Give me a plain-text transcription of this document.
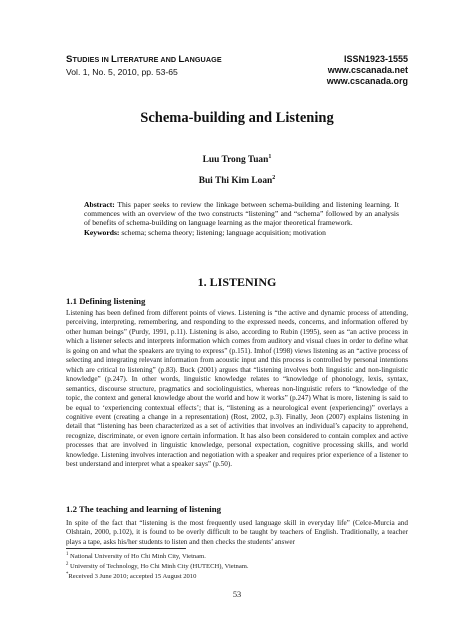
STUDIES IN LITERATURE AND LANGUAGE
Vol. 1, No. 5, 2010, pp. 53-65
ISSN1923-1555
www.cscanada.net
www.cscanada.org
Schema-building and Listening
Luu Trong Tuan$^1$
Bui Thi Kim Loan$^2$
Abstract: This paper seeks to review the linkage between schema-building and listening learning. It commences with an overview of the two constructs “listening” and “schema” followed by an analysis of benefits of schema-building on language learning as the major theoretical framework.
Keywords: schema; schema theory; listening; language acquisition; motivation
1. LISTENING
1.1 Defining listening
Listening has been defined from different points of views. Listening is “the active and dynamic process of attending, perceiving, interpreting, remembering, and responding to the expressed needs, concerns, and information offered by other human beings” (Purdy, 1991, p.11). Listening is also, according to Rubin (1995), seen as “an active process in which a listener selects and interprets information which comes from auditory and visual clues in order to define what is going on and what the speakers are trying to express” (p.151). Imhof (1998) views listening as an “active process of selecting and integrating relevant information from acoustic input and this process is controlled by personal intentions which are critical to listening” (p.83). Buck (2001) argues that “listening involves both linguistic and non-linguistic knowledge” (p.247). In other words, linguistic knowledge relates to “knowledge of phonology, lexis, syntax, semantics, discourse structure, pragmatics and sociolinguistics, whereas non-linguistic refers to “knowledge of the topic, the context and general knowledge about the world and how it works” (p.247) What is more, listening is said to be equal to ‘experiencing contextual effects’; that is, “listening as a neurological event (experiencing)” overlays a cognitive event (creating a change in a representation) (Rost, 2002, p.3). Finally, Jeon (2007) explains listening in detail that “listening has been characterized as a set of activities that involves an individual’s capacity to apprehend, recognize, discriminate, or even ignore certain information. It has also been considered to contain complex and active processes that are involved in linguistic knowledge, personal expectation, cognitive processing skills, and world knowledge. Listening involves interaction and negotiation with a speaker and requires prior experience of a listener to best understand and interpret what a speaker says” (p.50).
1.2 The teaching and learning of listening
In spite of the fact that “listening is the most frequently used language skill in everyday life” (Celce-Murcia and Olshtain, 2000, p.102), it is found to be overly difficult to be taught by teachers of English. Traditionally, a teacher plays a tape, asks his/her students to listen and then checks the students’ answer
$^1$ National University of Ho Chi Minh City, Vietnam.
$^2$ University of Technology, Ho Chi Minh City (HUTECH), Vietnam.
*Received 3 June 2010; accepted 15 August 2010
53
